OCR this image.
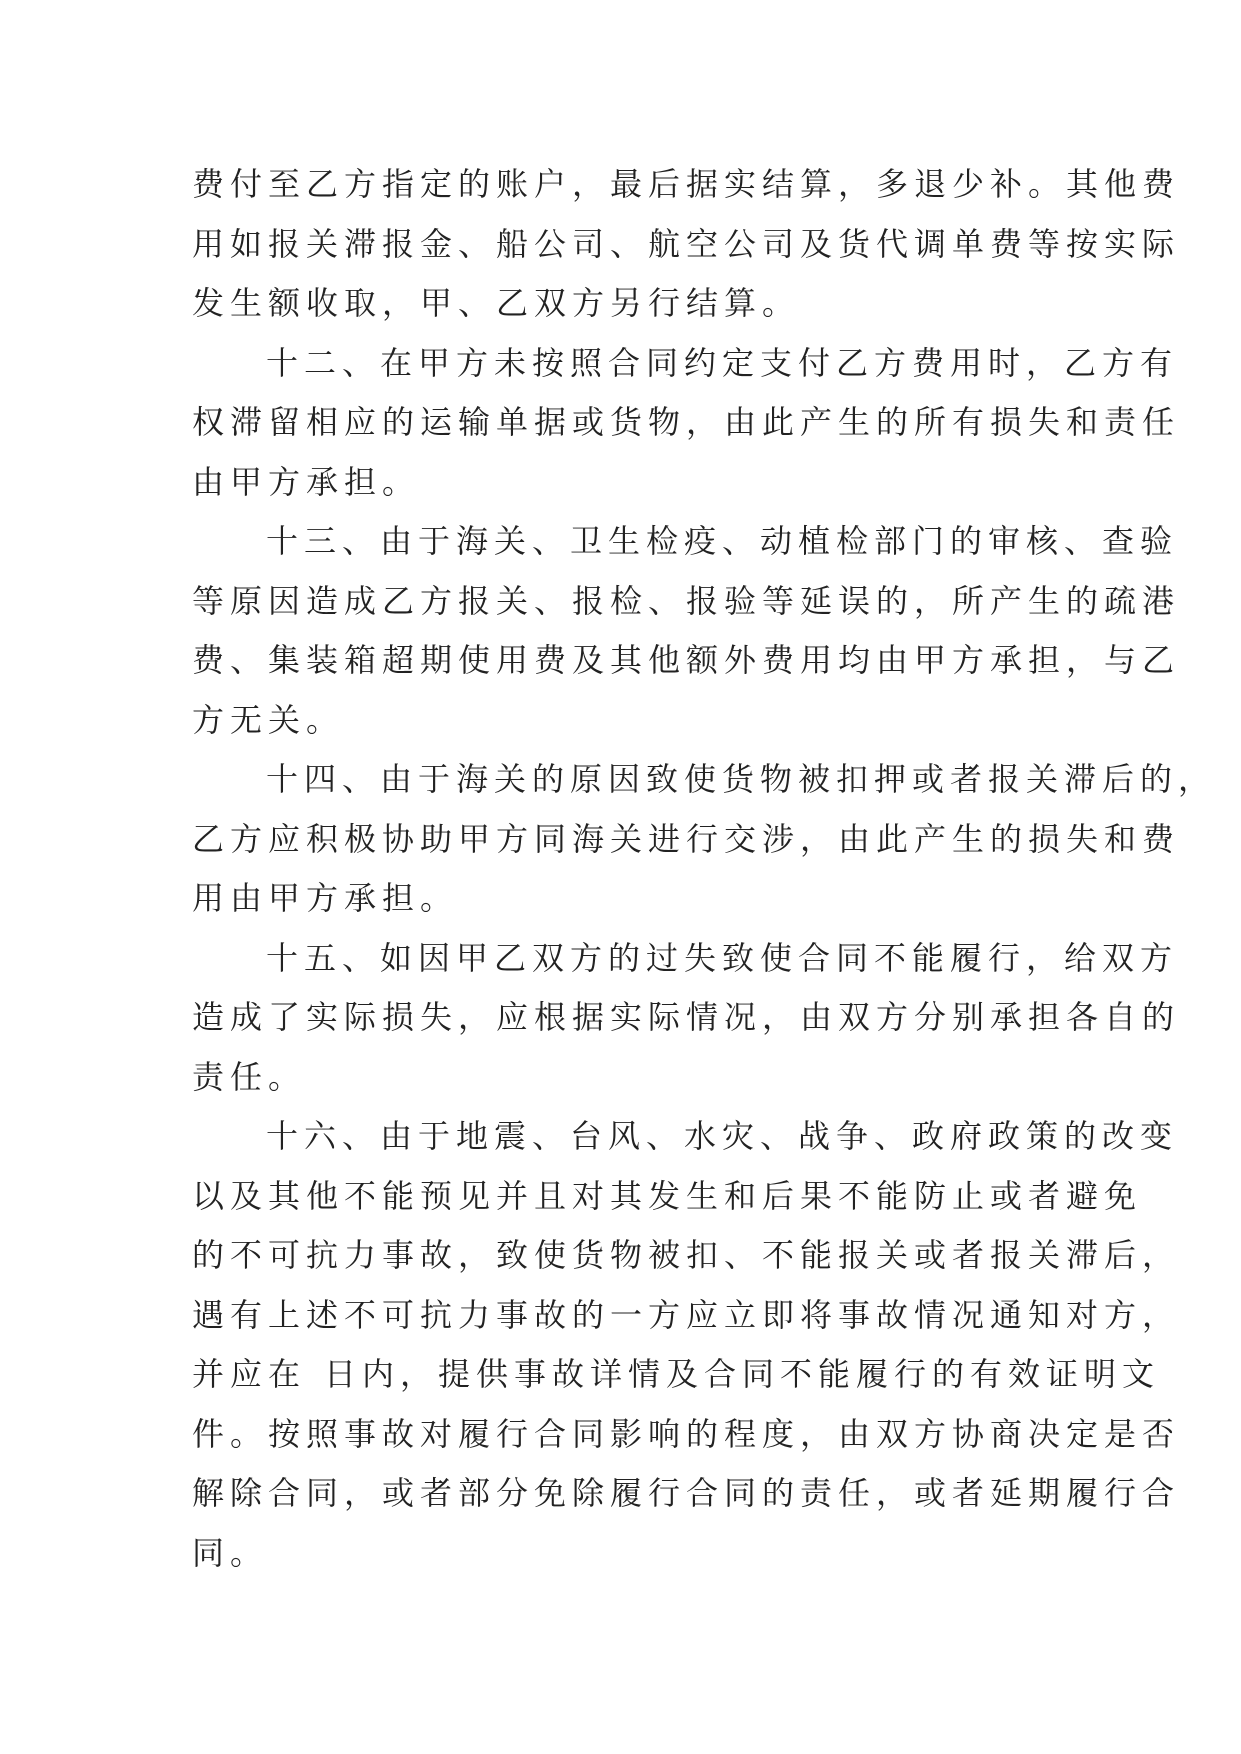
费付至乙方指定的账户，最后据实结算，多退少补。其他费
用如报关滞报金、船公司、航空公司及货代调单费等按实际
发生额收取，甲、乙双方另行结算。
十二、在甲方未按照合同约定支付乙方费用时，乙方有
权滞留相应的运输单据或货物，由此产生的所有损失和责任
由甲方承担。
十三、由于海关、卫生检疫、动植检部门的审核、查验
等原因造成乙方报关、报检、报验等延误的，所产生的疏港
费、集装箱超期使用费及其他额外费用均由甲方承担，与乙
方无关。
十四、由于海关的原因致使货物被扣押或者报关滞后的，
乙方应积极协助甲方同海关进行交涉，由此产生的损失和费
用由甲方承担。
十五、如因甲乙双方的过失致使合同不能履行，给双方
造成了实际损失，应根据实际情况，由双方分别承担各自的
责任。
十六、由于地震、台风、水灾、战争、政府政策的改变
以及其他不能预见并且对其发生和后果不能防止或者避免
的不可抗力事故，致使货物被扣、不能报关或者报关滞后，
遇有上述不可抗力事故的一方应立即将事故情况通知对方，
并应在 日内，提供事故详情及合同不能履行的有效证明文
件。按照事故对履行合同影响的程度，由双方协商决定是否
解除合同，或者部分免除履行合同的责任，或者延期履行合
同。
